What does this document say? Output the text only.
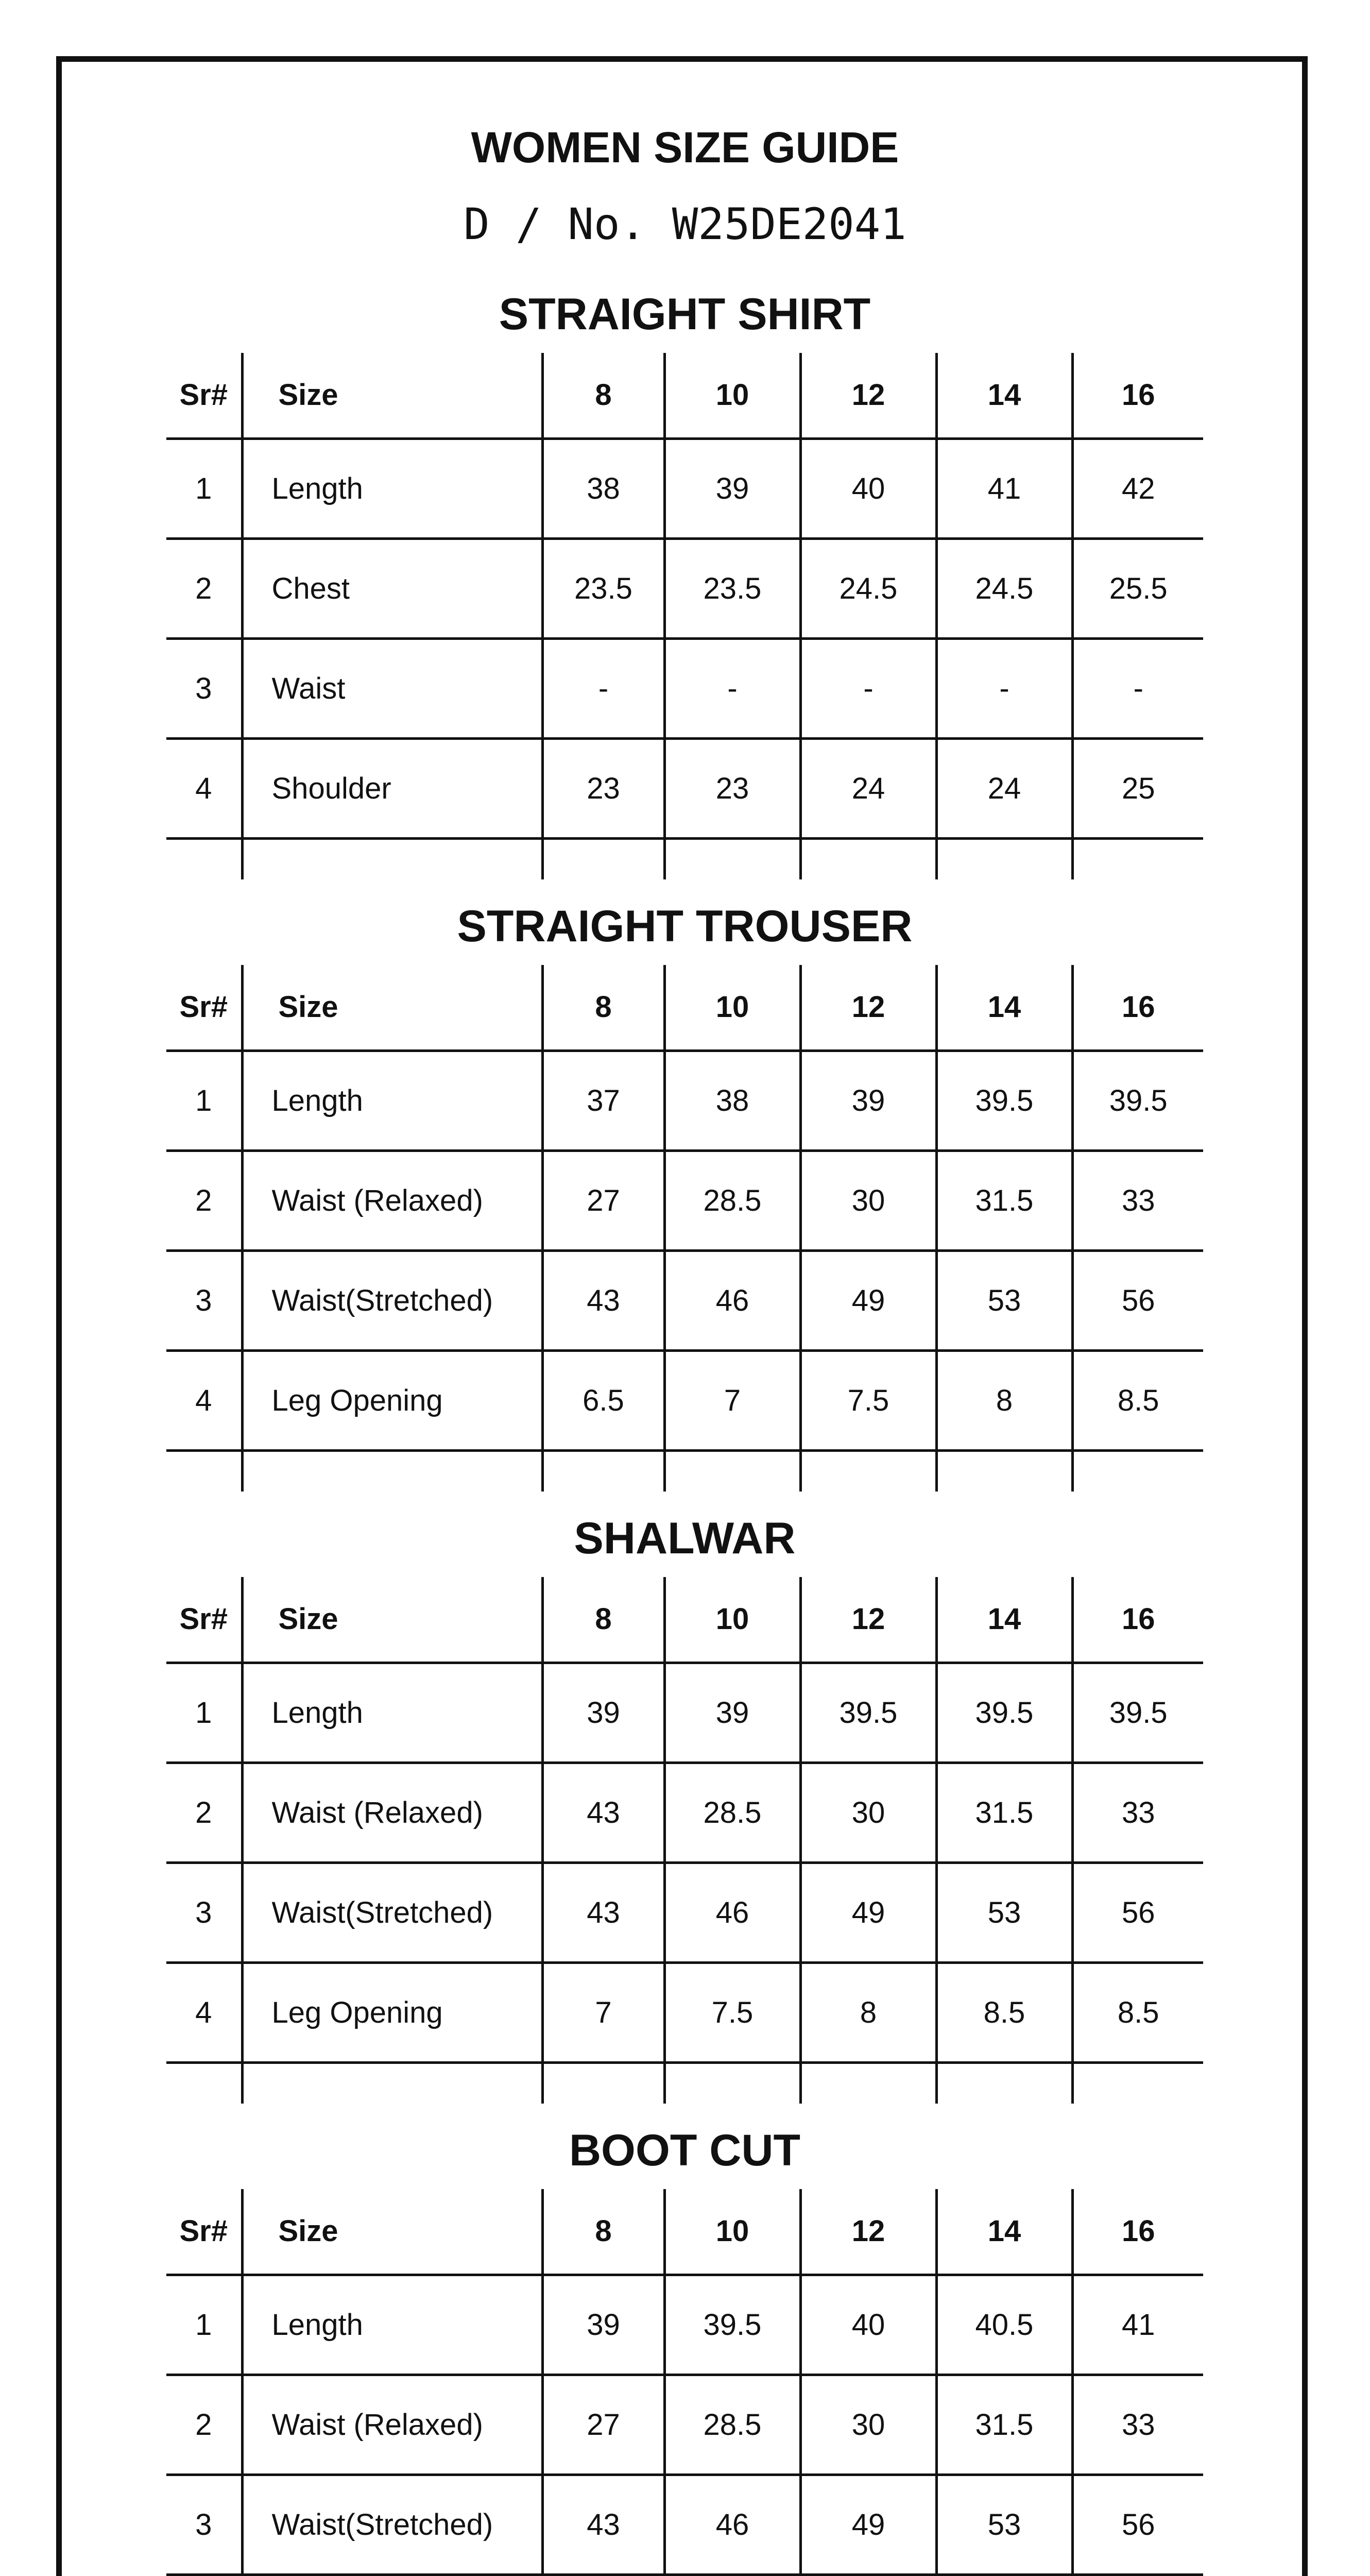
WOMEN SIZE GUIDE
D / No. W25DE2041
STRAIGHT SHIRT
Sr#	Size	8	10	12	14	16
1	Length	38	39	40	41	42
2	Chest	23.5	23.5	24.5	24.5	25.5
3	Waist	-	-	-	-	-
4	Shoulder	23	23	24	24	25

STRAIGHT TROUSER
Sr#	Size	8	10	12	14	16
1	Length	37	38	39	39.5	39.5
2	Waist (Relaxed)	27	28.5	30	31.5	33
3	Waist(Stretched)	43	46	49	53	56
4	Leg Opening	6.5	7	7.5	8	8.5

SHALWAR
Sr#	Size	8	10	12	14	16
1	Length	39	39	39.5	39.5	39.5
2	Waist (Relaxed)	43	28.5	30	31.5	33
3	Waist(Stretched)	43	46	49	53	56
4	Leg Opening	7	7.5	8	8.5	8.5

BOOT CUT
Sr#	Size	8	10	12	14	16
1	Length	39	39.5	40	40.5	41
2	Waist (Relaxed)	27	28.5	30	31.5	33
3	Waist(Stretched)	43	46	49	53	56
